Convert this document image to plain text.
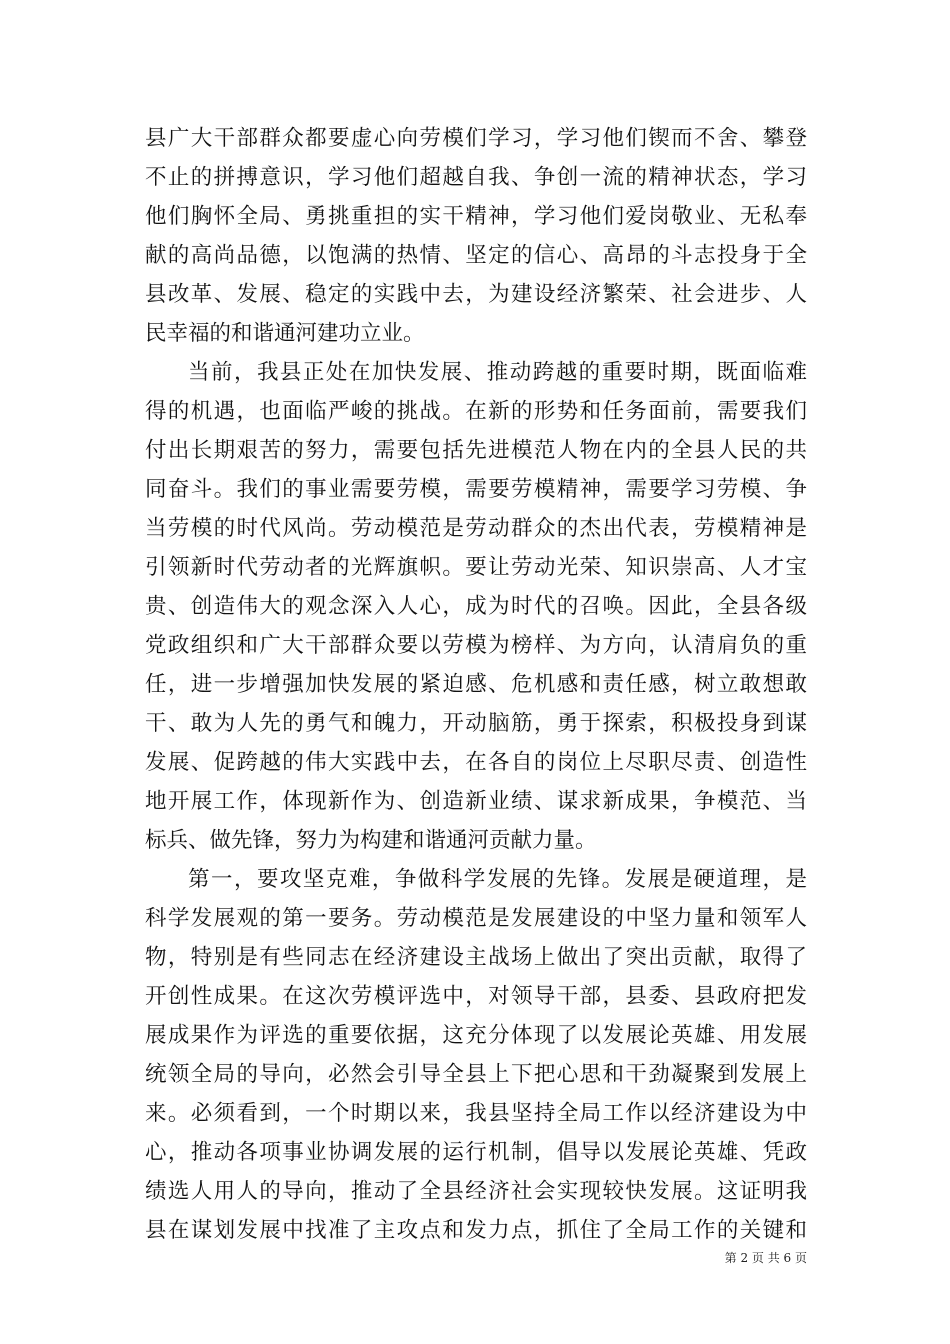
县广大干部群众都要虚心向劳模们学习，学习他们锲而不舍、攀登
不止的拼搏意识，学习他们超越自我、争创一流的精神状态，学习
他们胸怀全局、勇挑重担的实干精神，学习他们爱岗敬业、无私奉
献的高尚品德，以饱满的热情、坚定的信心、高昂的斗志投身于全
县改革、发展、稳定的实践中去，为建设经济繁荣、社会进步、人
民幸福的和谐通河建功立业。
当前，我县正处在加快发展、推动跨越的重要时期，既面临难
得的机遇，也面临严峻的挑战。在新的形势和任务面前，需要我们
付出长期艰苦的努力，需要包括先进模范人物在内的全县人民的共
同奋斗。我们的事业需要劳模，需要劳模精神，需要学习劳模、争
当劳模的时代风尚。劳动模范是劳动群众的杰出代表，劳模精神是
引领新时代劳动者的光辉旗帜。要让劳动光荣、知识崇高、人才宝
贵、创造伟大的观念深入人心，成为时代的召唤。因此，全县各级
党政组织和广大干部群众要以劳模为榜样、为方向，认清肩负的重
任，进一步增强加快发展的紧迫感、危机感和责任感，树立敢想敢
干、敢为人先的勇气和魄力，开动脑筋，勇于探索，积极投身到谋
发展、促跨越的伟大实践中去，在各自的岗位上尽职尽责、创造性
地开展工作，体现新作为、创造新业绩、谋求新成果，争模范、当
标兵、做先锋，努力为构建和谐通河贡献力量。
第一，要攻坚克难，争做科学发展的先锋。发展是硬道理，是
科学发展观的第一要务。劳动模范是发展建设的中坚力量和领军人
物，特别是有些同志在经济建设主战场上做出了突出贡献，取得了
开创性成果。在这次劳模评选中，对领导干部，县委、县政府把发
展成果作为评选的重要依据，这充分体现了以发展论英雄、用发展
统领全局的导向，必然会引导全县上下把心思和干劲凝聚到发展上
来。必须看到，一个时期以来，我县坚持全局工作以经济建设为中
心，推动各项事业协调发展的运行机制，倡导以发展论英雄、凭政
绩选人用人的导向，推动了全县经济社会实现较快发展。这证明我
县在谋划发展中找准了主攻点和发力点，抓住了全局工作的关键和
第 2 页 共 6 页
